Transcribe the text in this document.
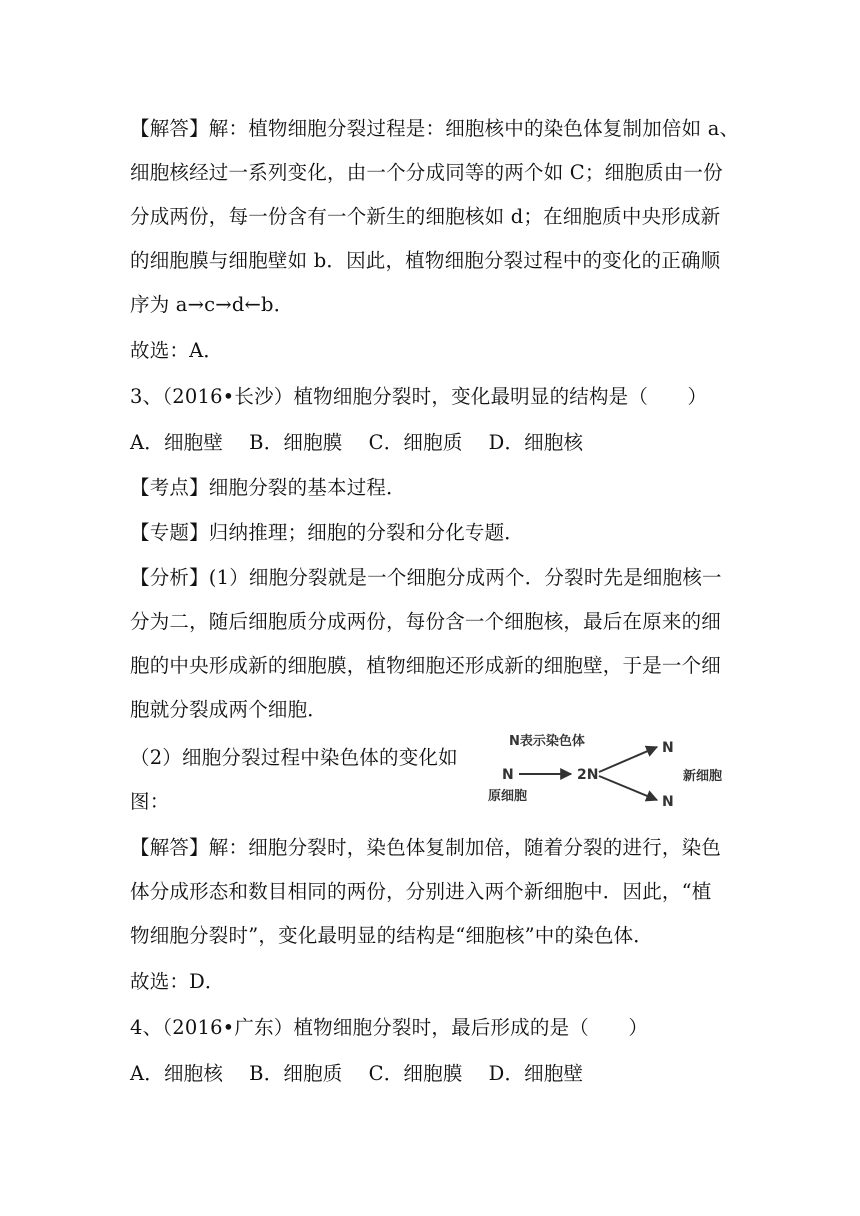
【解答】解：植物细胞分裂过程是：细胞核中的染色体复制加倍如 a、
细胞核经过一系列变化，由一个分成同等的两个如 C；细胞质由一份
分成两份，每一份含有一个新生的细胞核如 d；在细胞质中央形成新
的细胞膜与细胞壁如 b．因此，植物细胞分裂过程中的变化的正确顺
序为 a→c→d←b．
故选：A．
3、（2016•长沙）植物细胞分裂时，变化最明显的结构是（　　）
A．细胞壁　 B．细胞膜　 C．细胞质　 D．细胞核
【考点】细胞分裂的基本过程．
【专题】归纳推理；细胞的分裂和分化专题．
【分析】(1）细胞分裂就是一个细胞分成两个．分裂时先是细胞核一
分为二，随后细胞质分成两份，每份含一个细胞核，最后在原来的细
胞的中央形成新的细胞膜，植物细胞还形成新的细胞壁，于是一个细
胞就分裂成两个细胞．
（2）细胞分裂过程中染色体的变化如
图：
【解答】解：细胞分裂时，染色体复制加倍，随着分裂的进行，染色
体分成形态和数目相同的两份，分别进入两个新细胞中．因此，“植
物细胞分裂时”，变化最明显的结构是“细胞核”中的染色体．
故选：D．
4、（2016•广东）植物细胞分裂时，最后形成的是（　　）
A．细胞核　 B．细胞质　 C．细胞膜　 D．细胞壁
N表示染色体
N	2N
N
N
原细胞
新细胞
